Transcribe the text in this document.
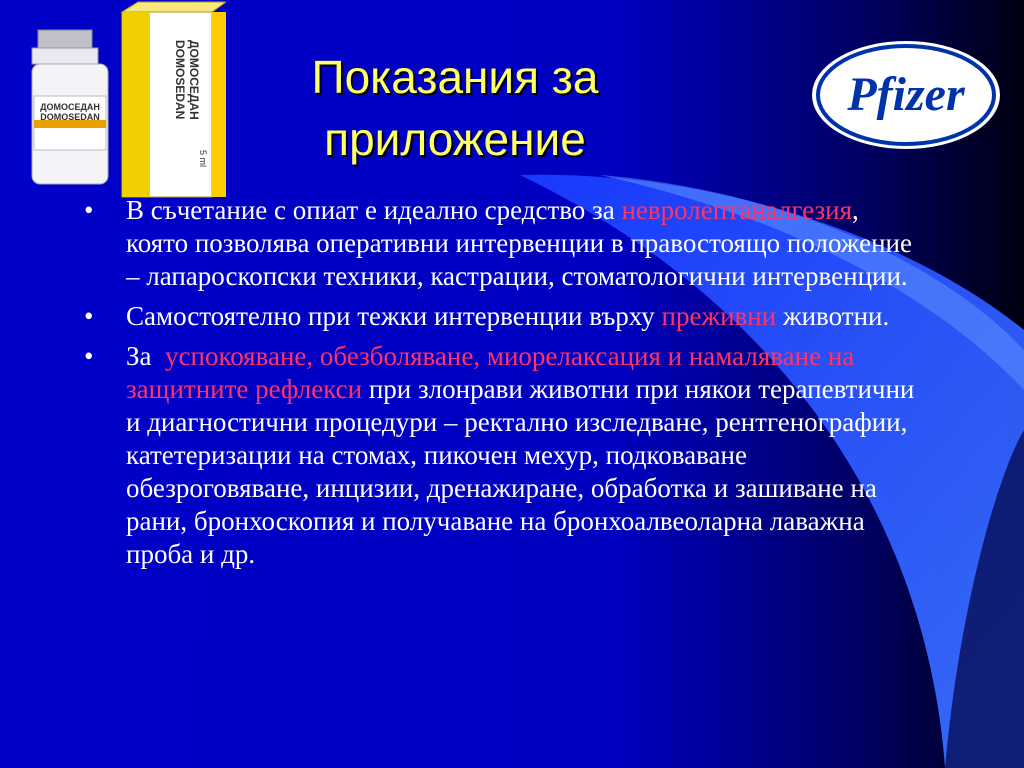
ДОМОСЕДАН
DOMOSEDAN	ДОМОСЕДАН
DOMOSEDAN
5 ml
Показания за
приложение
Pfizer
• В съчетание с опиат е идеално средство за невролептаналгезия, която позволява оперативни интервенции в правостоящо положение – лапароскопски техники, кастрации, стоматологични интервенции.
• Самостоятелно при тежки интервенции върху преживни животни.
• За  успокояване, обезболяване, миорелаксация и намаляване на защитните рефлекси при злонрави животни при някои терапевтични и диагностични процедури – ректално изследване, рентгенографии, катетеризации на стомах, пикочен мехур, подковаване обезроговяване, инцизии, дренажиране, обработка и зашиване на рани, бронхоскопия и получаване на бронхоалвеоларна лаважна проба и др.
